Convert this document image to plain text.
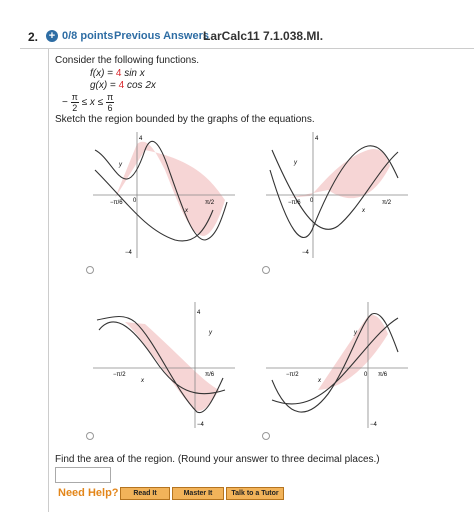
2. + 0/8 points Previous Answers
LarCalc11 7.1.038.MI.
Consider the following functions.
f(x) = 4 sin x
g(x) = 4 cos 2x
− $\frac{\pi}{2} \le x \le \frac{\pi}{6}$
Sketch the region bounded by the graphs of the equations.
4
y
−π/6 0	π/2
x
−4
4
y
−π/6 0	π/2
x
−4
4
y
−π/2	π/6
x
−4
−π/2	0 π/6
y
x
−4
Find the area of the region. (Round your answer to three decimal places.)
Need Help?	Read It	Master It	Talk to a Tutor
